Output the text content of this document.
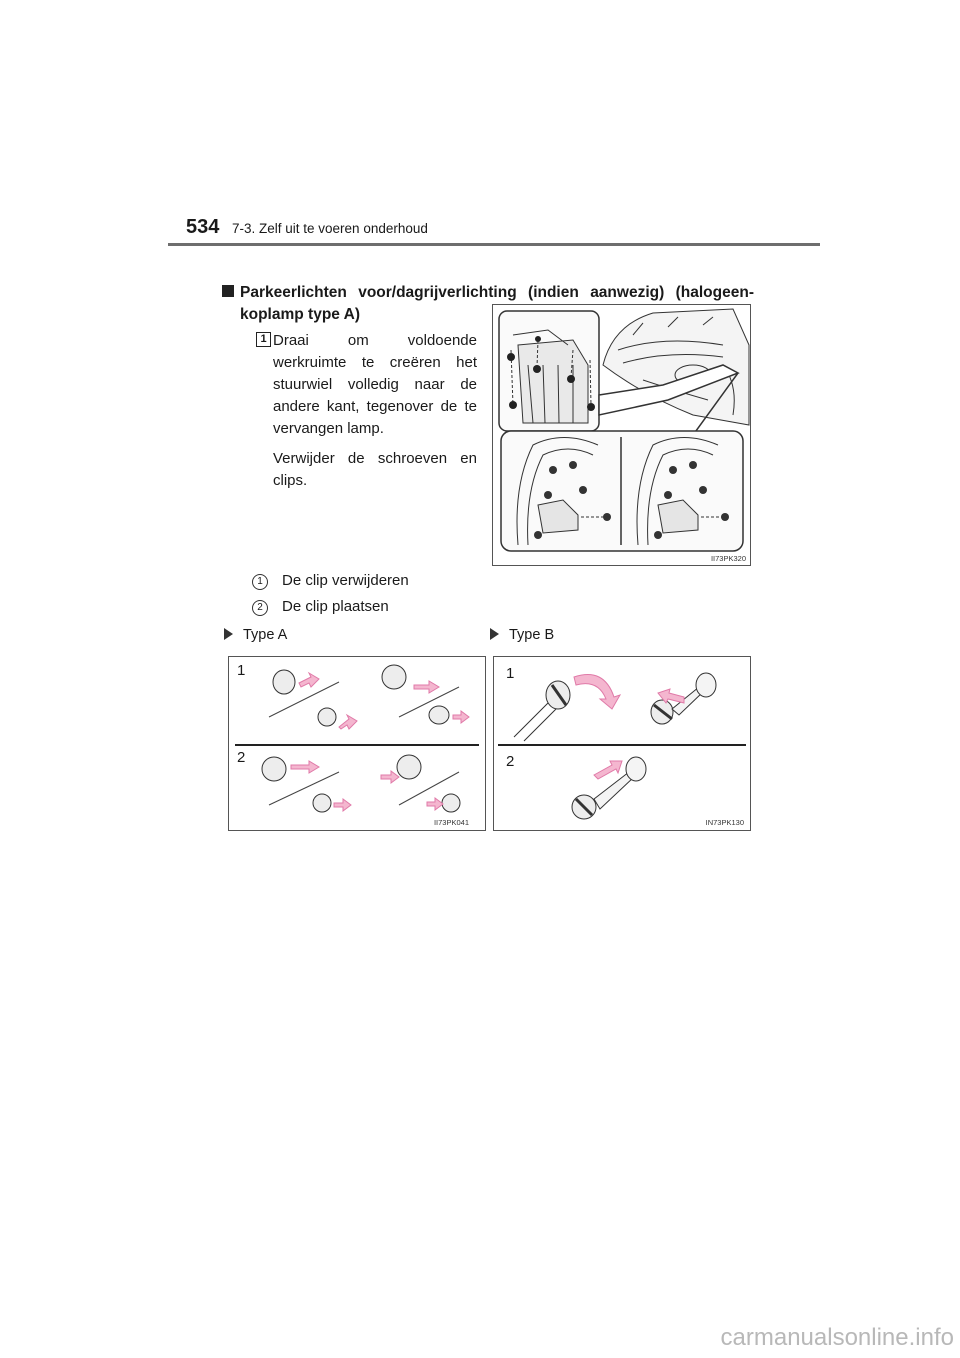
534 7-3. Zelf uit te voeren onderhoud
Parkeerlichten voor/dagrijverlichting (indien aanwezig) (halogeen-
koplamp type A)
1 Draai om voldoende werkruimte te creëren het stuurwiel volledig naar de andere kant, tegenover de te vervangen lamp.

Verwijder de schroeven en clips.

II73PK320
1 De clip verwijderen
2 De clip plaatsen
Type A	Type B
1
2
II73PK041
1
2
IN73PK130
carmanualsonline.info
